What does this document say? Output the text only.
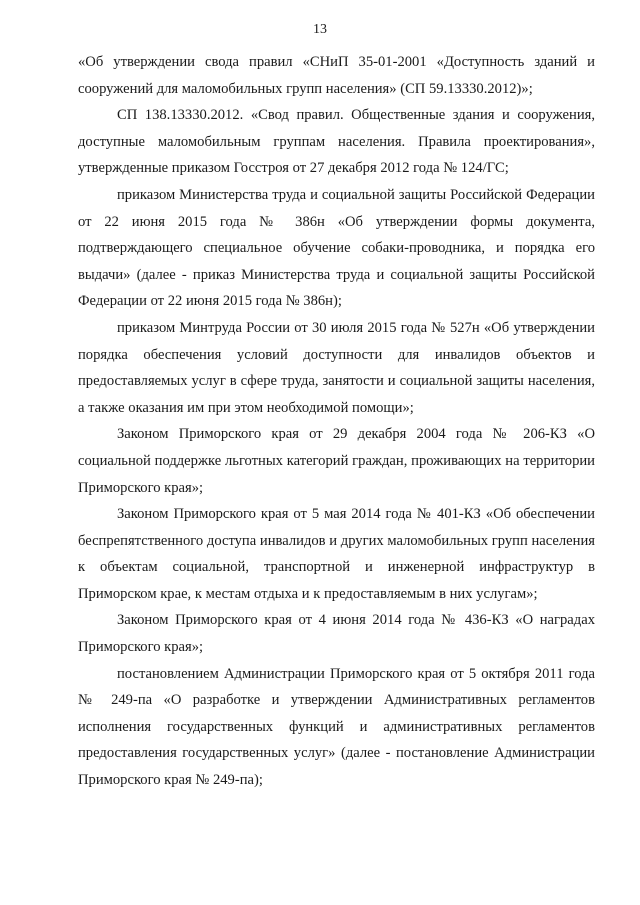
13

«Об утверждении свода правил «СНиП 35-01-2001 «Доступность зданий и сооружений для маломобильных групп населения» (СП 59.13330.2012)»;

СП 138.13330.2012. «Свод правил. Общественные здания и сооружения, доступные маломобильным группам населения. Правила проектирования», утвержденные приказом Госстроя от 27 декабря 2012 года № 124/ГС;

приказом Министерства труда и социальной защиты Российской Федерации от 22 июня 2015 года № 386н «Об утверждении формы документа, подтверждающего специальное обучение собаки-проводника, и порядка его выдачи» (далее - приказ Министерства труда и социальной защиты Российской Федерации от 22 июня 2015 года № 386н);

приказом Минтруда России от 30 июля 2015 года № 527н «Об утверждении порядка обеспечения условий доступности для инвалидов объектов и предоставляемых услуг в сфере труда, занятости и социальной защиты населения, а также оказания им при этом необходимой помощи»;

Законом Приморского края от 29 декабря 2004 года № 206-КЗ «О социальной поддержке льготных категорий граждан, проживающих на территории Приморского края»;

Законом Приморского края от 5 мая 2014 года № 401-КЗ «Об обеспечении беспрепятственного доступа инвалидов и других маломобильных групп населения к объектам социальной, транспортной и инженерной инфраструктур в Приморском крае, к местам отдыха и к предоставляемым в них услугам»;

Законом Приморского края от 4 июня 2014 года № 436-КЗ «О наградах Приморского края»;

постановлением Администрации Приморского края от 5 октября 2011 года № 249-па «О разработке и утверждении Административных регламентов исполнения государственных функций и административных регламентов предоставления государственных услуг» (далее - постановление Администрации Приморского края № 249-па);
